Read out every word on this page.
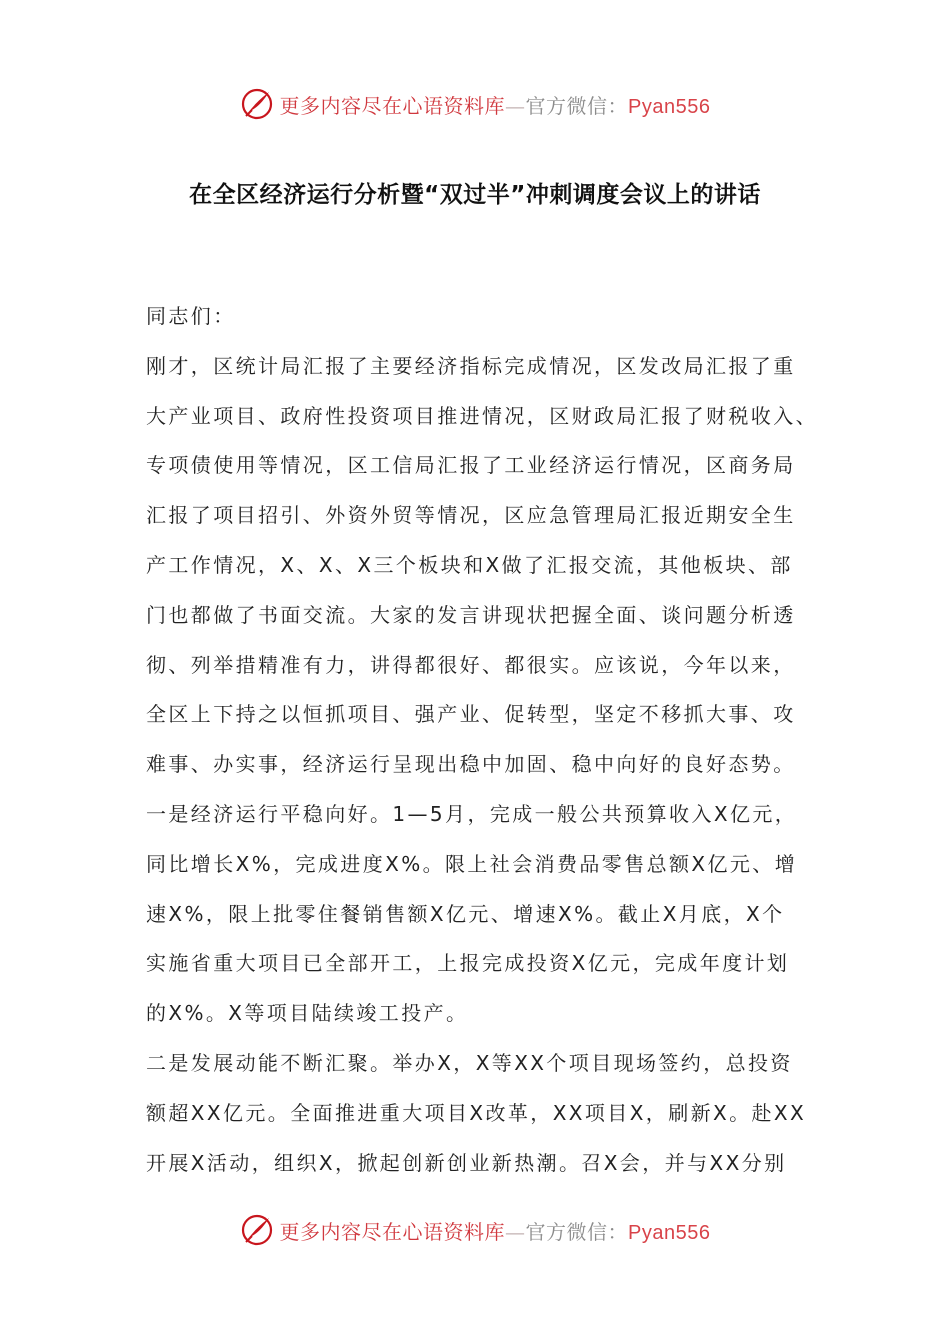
更多内容尽在心语资料库—官方微信：Pyan556
在全区经济运行分析暨“双过半”冲刺调度会议上的讲话
同志们：
刚才，区统计局汇报了主要经济指标完成情况，区发改局汇报了重
大产业项目、政府性投资项目推进情况，区财政局汇报了财税收入、
专项债使用等情况，区工信局汇报了工业经济运行情况，区商务局
汇报了项目招引、外资外贸等情况，区应急管理局汇报近期安全生
产工作情况，X、X、X三个板块和X做了汇报交流，其他板块、部
门也都做了书面交流。大家的发言讲现状把握全面、谈问题分析透
彻、列举措精准有力，讲得都很好、都很实。应该说，今年以来，
全区上下持之以恒抓项目、强产业、促转型，坚定不移抓大事、攻
难事、办实事，经济运行呈现出稳中加固、稳中向好的良好态势。
一是经济运行平稳向好。1—5月，完成一般公共预算收入X亿元，
同比增长X%，完成进度X%。限上社会消费品零售总额X亿元、增
速X%，限上批零住餐销售额X亿元、增速X%。截止X月底，X个
实施省重大项目已全部开工，上报完成投资X亿元，完成年度计划
的X%。X等项目陆续竣工投产。
二是发展动能不断汇聚。举办X，X等XX个项目现场签约，总投资
额超XX亿元。全面推进重大项目X改革，XX项目X，刷新X。赴XX
开展X活动，组织X，掀起创新创业新热潮。召X会，并与XX分别
更多内容尽在心语资料库—官方微信：Pyan556
